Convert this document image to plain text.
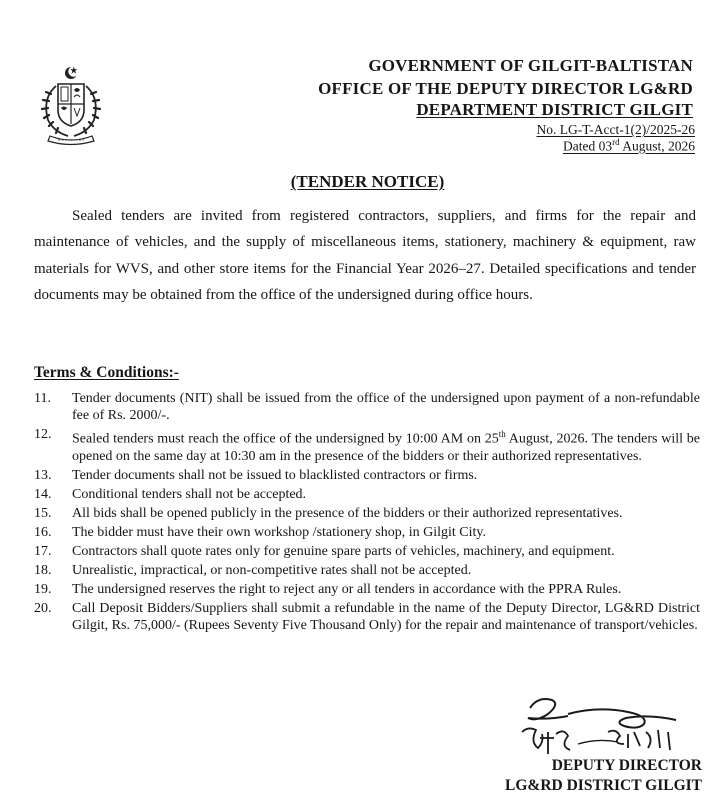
GOVERNMENT OF GILGIT-BALTISTAN
OFFICE OF THE DEPUTY DIRECTOR LG&RD
DEPARTMENT DISTRICT GILGIT
No. LG-T-Acct-1(2)/2025-26
Dated 03rd August, 2026
(TENDER NOTICE)

Sealed tenders are invited from registered contractors, suppliers, and firms for the repair and maintenance of vehicles, and the supply of miscellaneous items, stationery, machinery & equipment, raw materials for WVS, and other store items for the Financial Year 2026–27. Detailed specifications and tender documents may be obtained from the office of the undersigned during office hours.

Terms & Conditions:-
11.	Tender documents (NIT) shall be issued from the office of the undersigned upon payment of a non-refundable fee of Rs. 2000/-.
12.	Sealed tenders must reach the office of the undersigned by 10:00 AM on 25th August, 2026. The tenders will be opened on the same day at 10:30 am in the presence of the bidders or their authorized representatives.
13.	Tender documents shall not be issued to blacklisted contractors or firms.
14.	Conditional tenders shall not be accepted.
15.	All bids shall be opened publicly in the presence of the bidders or their authorized representatives.
16.	The bidder must have their own workshop /stationery shop, in Gilgit City.
17.	Contractors shall quote rates only for genuine spare parts of vehicles, machinery, and equipment.
18.	Unrealistic, impractical, or non-competitive rates shall not be accepted.
19.	The undersigned reserves the right to reject any or all tenders in accordance with the PPRA Rules.
20.	Call Deposit Bidders/Suppliers shall submit a refundable in the name of the Deputy Director, LG&RD District Gilgit, Rs. 75,000/- (Rupees Seventy Five Thousand Only) for the repair and maintenance of transport/vehicles.
DEPUTY DIRECTOR
LG&RD DISTRICT GILGIT
